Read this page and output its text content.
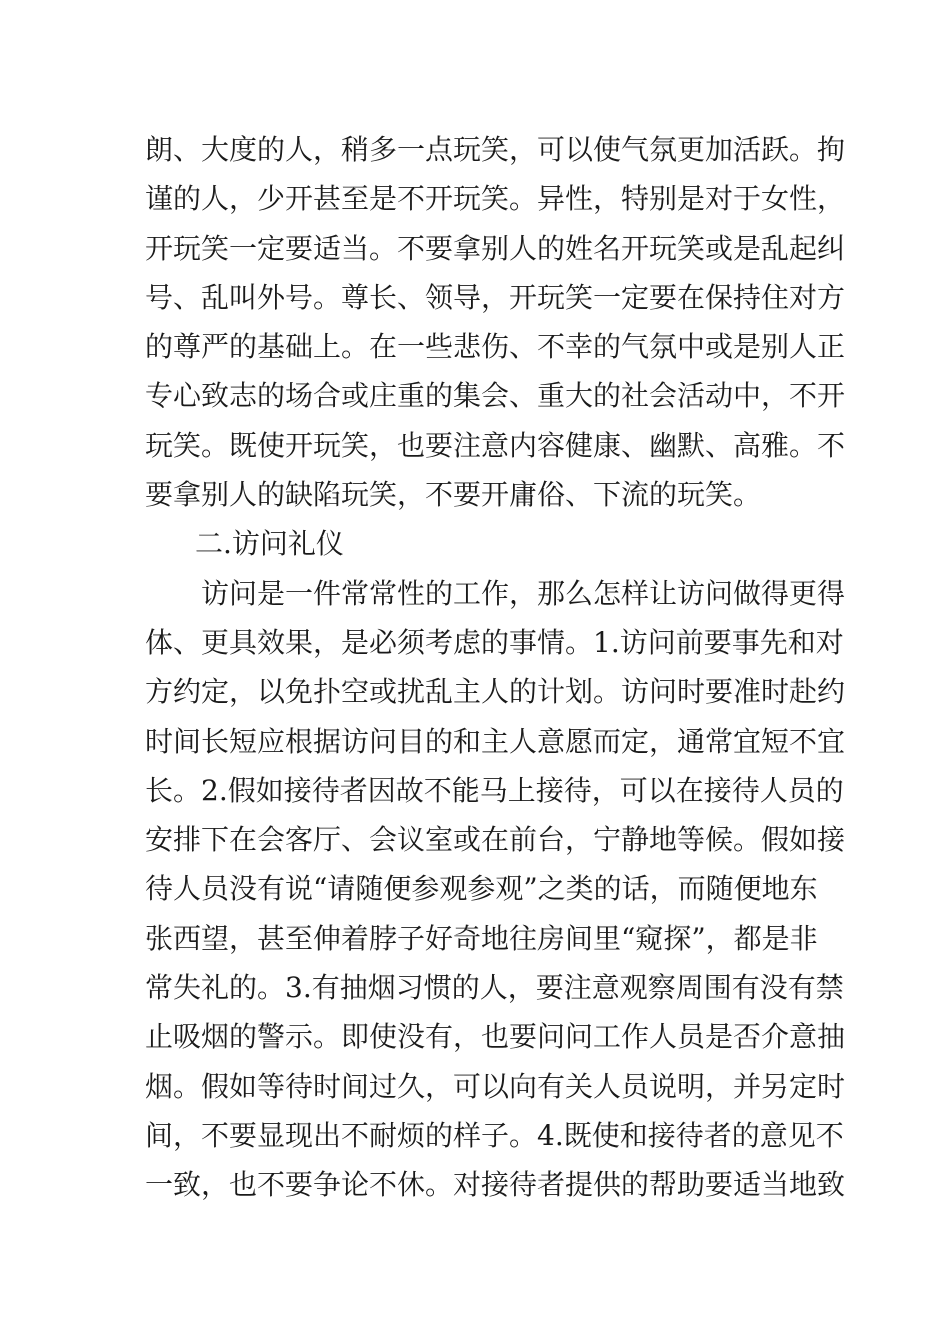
朗、大度的人，稍多一点玩笑，可以使气氛更加活跃。拘
谨的人，少开甚至是不开玩笑。异性，特别是对于女性，
开玩笑一定要适当。不要拿别人的姓名开玩笑或是乱起纠
号、乱叫外号。尊长、领导，开玩笑一定要在保持住对方
的尊严的基础上。在一些悲伤、不幸的气氛中或是别人正
专心致志的场合或庄重的集会、重大的社会活动中，不开
玩笑。既使开玩笑，也要注意内容健康、幽默、高雅。不
要拿别人的缺陷玩笑，不要开庸俗、下流的玩笑。
二.访问礼仪
访问是一件常常性的工作，那么怎样让访问做得更得
体、更具效果，是必须考虑的事情。1.访问前要事先和对
方约定，以免扑空或扰乱主人的计划。访问时要准时赴约
时间长短应根据访问目的和主人意愿而定，通常宜短不宜
长。2.假如接待者因故不能马上接待，可以在接待人员的
安排下在会客厅、会议室或在前台，宁静地等候。假如接
待人员没有说“请随便参观参观”之类的话，而随便地东
张西望，甚至伸着脖子好奇地往房间里“窥探”，都是非
常失礼的。3.有抽烟习惯的人，要注意观察周围有没有禁
止吸烟的警示。即使没有，也要问问工作人员是否介意抽
烟。假如等待时间过久，可以向有关人员说明，并另定时
间，不要显现出不耐烦的样子。4.既使和接待者的意见不
一致，也不要争论不休。对接待者提供的帮助要适当地致
